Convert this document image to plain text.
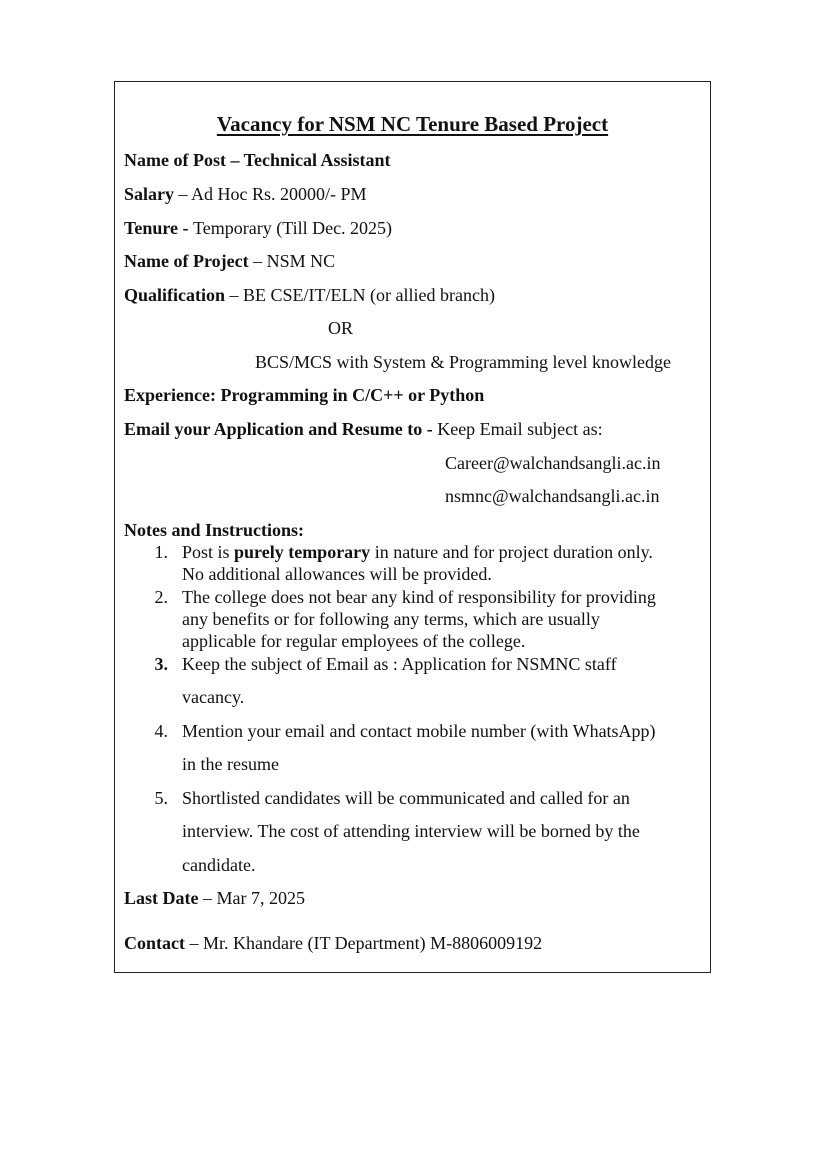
Vacancy for NSM NC Tenure Based Project
Name of Post – Technical Assistant
Salary – Ad Hoc Rs. 20000/- PM
Tenure - Temporary (Till Dec. 2025)
Name of Project – NSM NC
Qualification – BE CSE/IT/ELN (or allied branch)
OR
BCS/MCS with System & Programming level knowledge
Experience: Programming in C/C++ or Python
Email your Application and Resume to - Keep Email subject as:
Career@walchandsangli.ac.in
nsmnc@walchandsangli.ac.in
Notes and Instructions:
1. Post is purely temporary in nature and for project duration only.
No additional allowances will be provided.
2. The college does not bear any kind of responsibility for providing
any benefits or for following any terms, which are usually
applicable for regular employees of the college.
3. Keep the subject of Email as : Application for NSMNC staff
vacancy.
4. Mention your email and contact mobile number (with WhatsApp)
in the resume
5. Shortlisted candidates will be communicated and called for an
interview. The cost of attending interview will be borned by the
candidate.
Last Date – Mar 7, 2025
Contact – Mr. Khandare (IT Department) M-8806009192
